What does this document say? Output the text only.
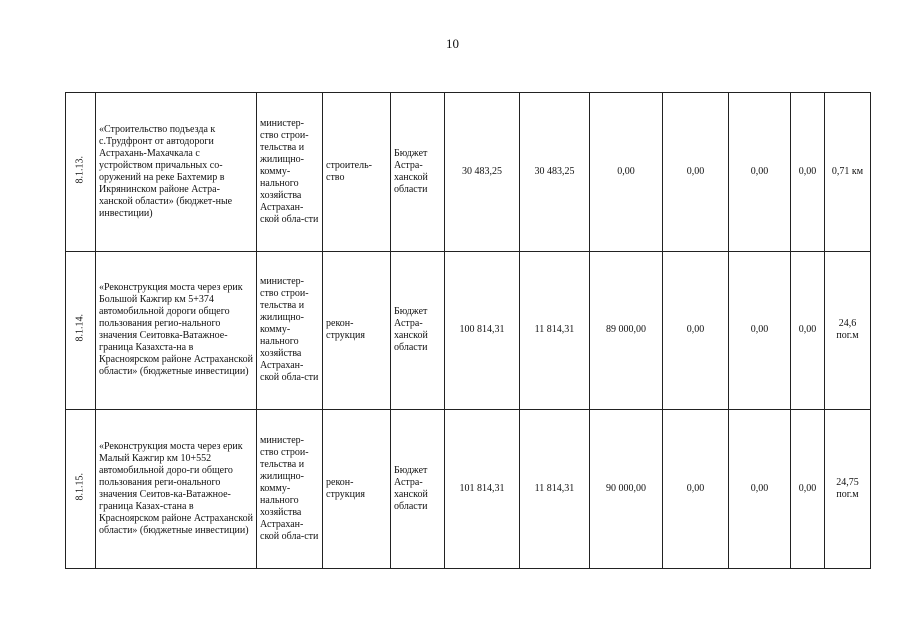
10
8.1.13.	«Строительство подъезда к с.Трудфронт от автодороги Астрахань-Махачкала с устройством причальных со-оружений на реке Бахтемир в Икрянинском районе Астра-ханской области» (бюджет-ные инвестиции)	министер-ство строи-тельства и жилищно-комму-нального хозяйства Астрахан-ской обла-сти	строитель-ство	Бюджет Астра-ханской области	30 483,25	30 483,25	0,00	0,00	0,00	0,00	0,71 км

8.1.14.	«Реконструкция моста через ерик Большой Кажгир км 5+374 автомобильной дороги общего пользования регио-нального значения Сеитовка-Ватажное-граница Казахста-на в Красноярском районе Астраханской области» (бюджетные инвестиции)	министер-ство строи-тельства и жилищно-комму-нального хозяйства Астрахан-ской обла-сти	рекон-струкция	Бюджет Астра-ханской области	100 814,31	11 814,31	89 000,00	0,00	0,00	0,00	24,6 пог.м

8.1.15.	«Реконструкция моста через ерик Малый Кажгир км 10+552 автомобильной доро-ги общего пользования реги-онального значения Сеитов-ка-Ватажное-граница Казах-стана в Красноярском районе Астраханской области» (бюджетные инвестиции)	министер-ство строи-тельства и жилищно-комму-нального хозяйства Астрахан-ской обла-сти	рекон-струкция	Бюджет Астра-ханской области	101 814,31	11 814,31	90 000,00	0,00	0,00	0,00	24,75 пог.м
